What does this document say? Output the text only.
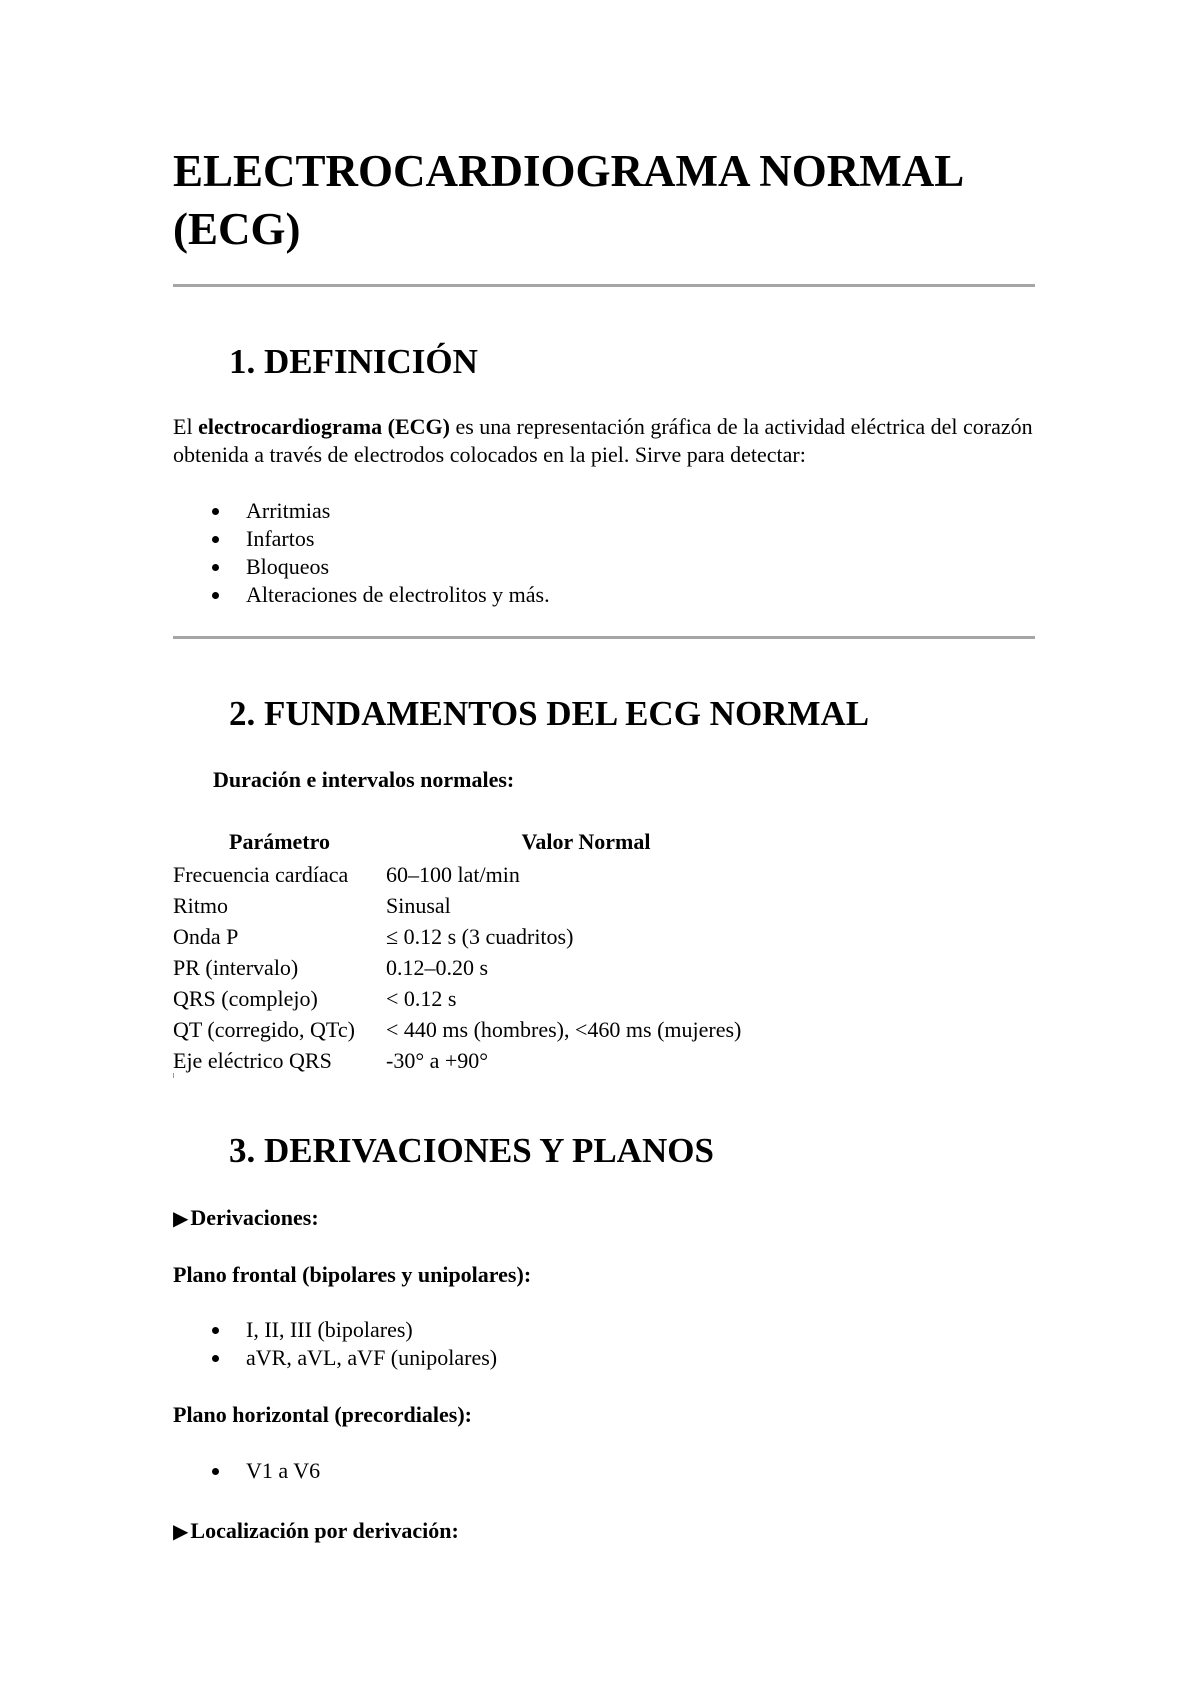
ELECTROCARDIOGRAMA NORMAL (ECG)
1. DEFINICIÓN

El electrocardiograma (ECG) es una representación gráfica de la actividad eléctrica del corazón obtenida a través de electrodos colocados en la piel. Sirve para detectar:

Arritmias
Infartos
Bloqueos
Alteraciones de electrolitos y más.
2. FUNDAMENTOS DEL ECG NORMAL

Duración e intervalos normales:

Parámetro	Valor Normal
Frecuencia cardíaca	60–100 lat/min
Ritmo	Sinusal
Onda P	≤ 0.12 s (3 cuadritos)
PR (intervalo)	0.12–0.20 s
QRS (complejo)	< 0.12 s
QT (corregido, QTc)	< 440 ms (hombres), <460 ms (mujeres)
Eje eléctrico QRS	-30° a +90°
3. DERIVACIONES Y PLANOS

▶Derivaciones:

Plano frontal (bipolares y unipolares):

I, II, III (bipolares)
aVR, aVL, aVF (unipolares)

Plano horizontal (precordiales):

V1 a V6

▶Localización por derivación:
